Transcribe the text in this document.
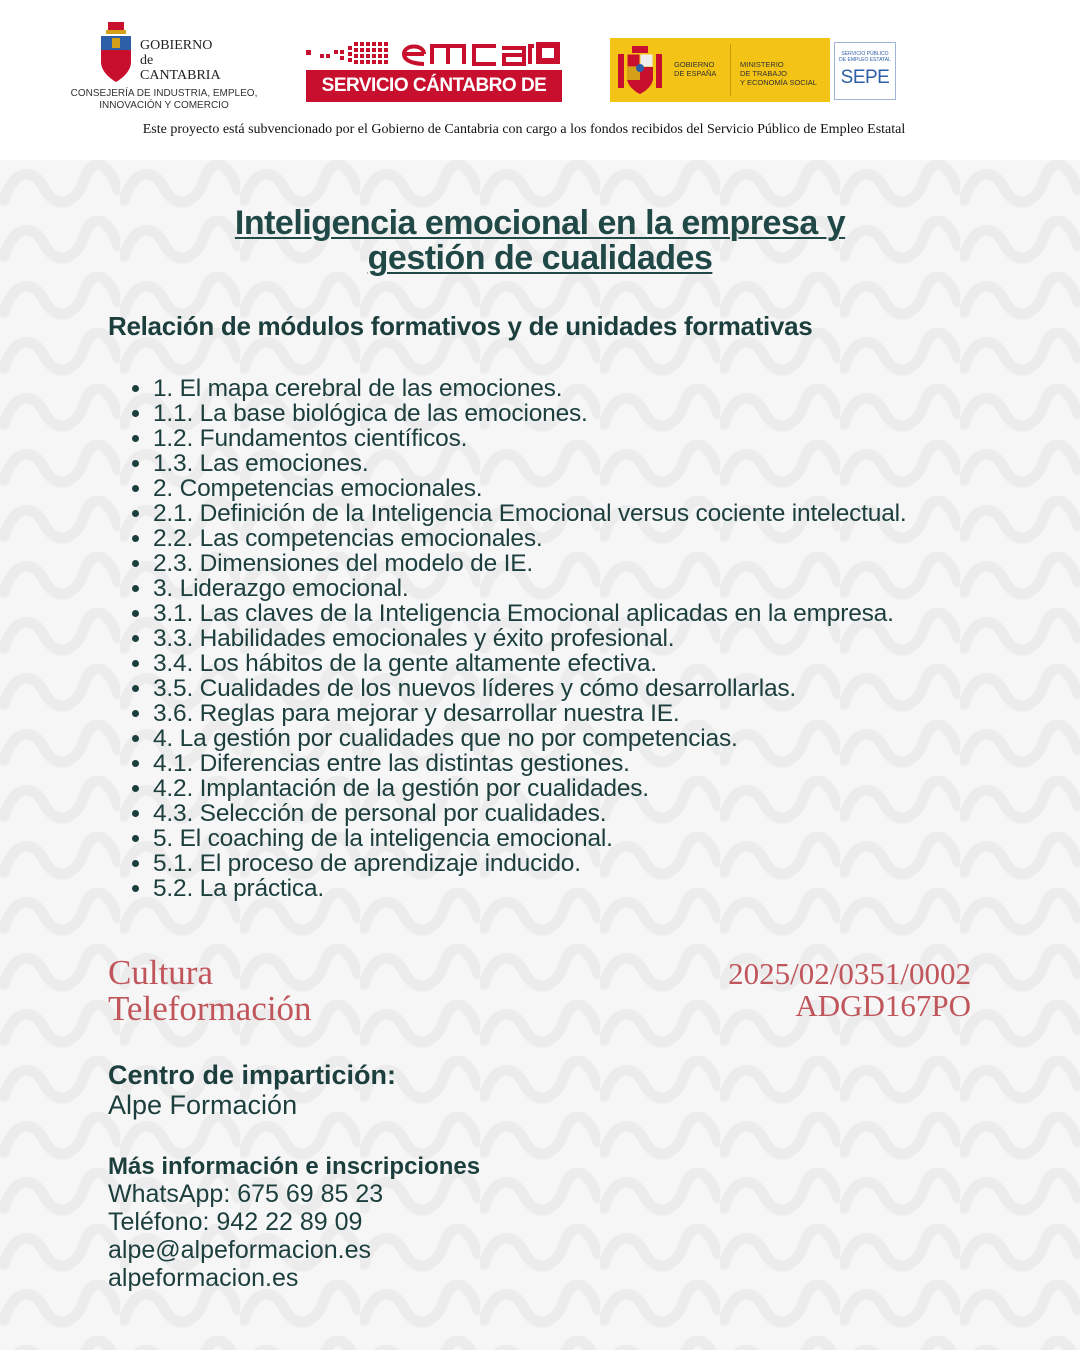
GOBIERNO
de
CANTABRIA
CONSEJERÍA DE INDUSTRIA, EMPLEO,
INNOVACIÓN Y COMERCIO
SERVICIO CÁNTABRO DE EMPLEO
GOBIERNO
DE ESPAÑA
MINISTERIO
DE TRABAJO
Y ECONOMÍA SOCIAL
SERVICIO PÚBLICO
DE EMPLEO ESTATAL
SEPE
Este proyecto está subvencionado por el Gobierno de Cantabria con cargo a los fondos recibidos del Servicio Público de Empleo Estatal
Inteligencia emocional en la empresa y
gestión de cualidades
Relación de módulos formativos y de unidades formativas
• 1. El mapa cerebral de las emociones.
• 1.1. La base biológica de las emociones.
• 1.2. Fundamentos científicos.
• 1.3. Las emociones.
• 2. Competencias emocionales.
• 2.1. Definición de la Inteligencia Emocional versus cociente intelectual.
• 2.2. Las competencias emocionales.
• 2.3. Dimensiones del modelo de IE.
• 3. Liderazgo emocional.
• 3.1. Las claves de la Inteligencia Emocional aplicadas en la empresa.
• 3.3. Habilidades emocionales y éxito profesional.
• 3.4. Los hábitos de la gente altamente efectiva.
• 3.5. Cualidades de los nuevos líderes y cómo desarrollarlas.
• 3.6. Reglas para mejorar y desarrollar nuestra IE.
• 4. La gestión por cualidades que no por competencias.
• 4.1. Diferencias entre las distintas gestiones.
• 4.2. Implantación de la gestión por cualidades.
• 4.3. Selección de personal por cualidades.
• 5. El coaching de la inteligencia emocional.
• 5.1. El proceso de aprendizaje inducido.
• 5.2. La práctica.
Cultura
Teleformación
2025/02/0351/0002
ADGD167PO
Centro de impartición:
Alpe Formación
Más información e inscripciones
WhatsApp: 675 69 85 23
Teléfono: 942 22 89 09
alpe@alpeformacion.es
alpeformacion.es
